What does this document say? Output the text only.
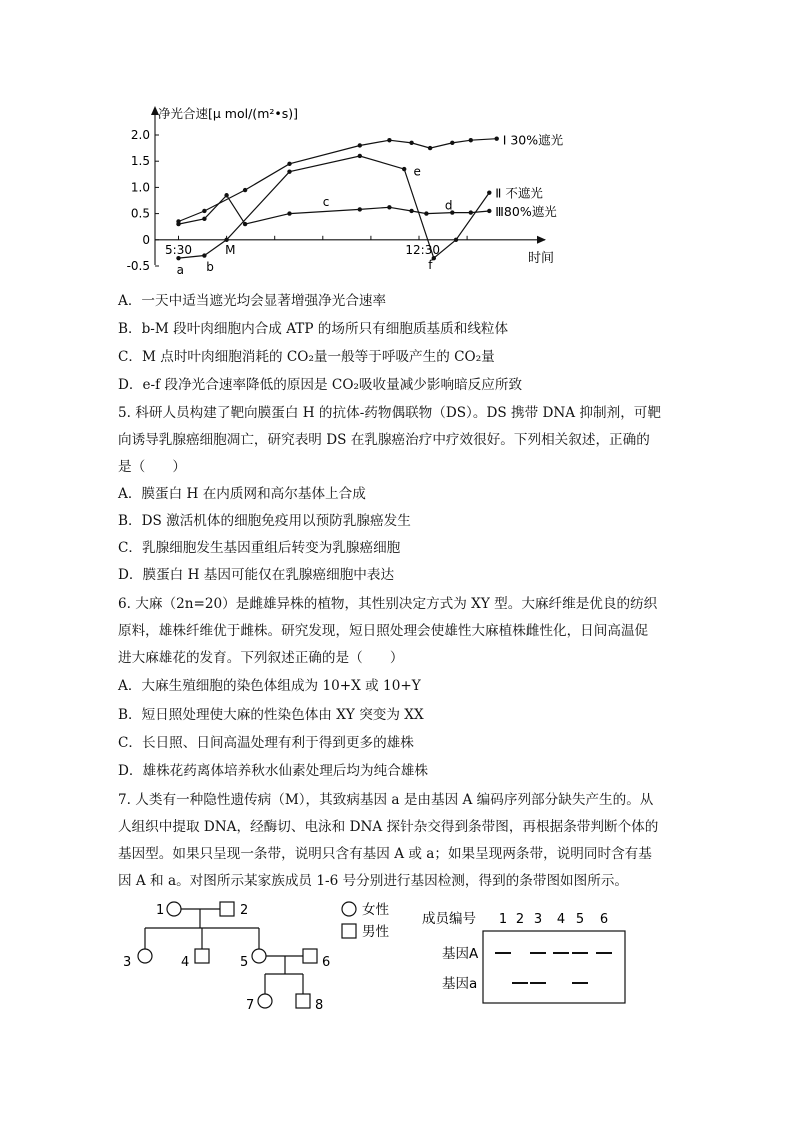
净光合速[μ mol/(m²•s)]
2.0
1.5
1.0
0.5
0
-0.5
5:30	M	12:30
时间
Ⅰ 30%遮光
Ⅱ 不遮光
Ⅲ80%遮光
a b
c	d
e
f
A．一天中适当遮光均会显著增强净光合速率
B．b-M 段叶肉细胞内合成 ATP 的场所只有细胞质基质和线粒体
C．M 点时叶肉细胞消耗的 CO₂量一般等于呼吸产生的 CO₂量
D．e-f 段净光合速率降低的原因是 CO₂吸收量减少影响暗反应所致
5. 科研人员构建了靶向膜蛋白 H 的抗体-药物偶联物（DS）。DS 携带 DNA 抑制剂，可靶
向诱导乳腺癌细胞凋亡，研究表明 DS 在乳腺癌治疗中疗效很好。下列相关叙述，正确的
是（　　）
A．膜蛋白 H 在内质网和高尔基体上合成
B．DS 激活机体的细胞免疫用以预防乳腺癌发生
C．乳腺细胞发生基因重组后转变为乳腺癌细胞
D．膜蛋白 H 基因可能仅在乳腺癌细胞中表达
6. 大麻（2n=20）是雌雄异株的植物，其性别决定方式为 XY 型。大麻纤维是优良的纺织
原料，雄株纤维优于雌株。研究发现，短日照处理会使雄性大麻植株雌性化，日间高温促
进大麻雄花的发育。下列叙述正确的是（　　）
A．大麻生殖细胞的染色体组成为 10+X 或 10+Y
B．短日照处理使大麻的性染色体由 XY 突变为 XX
C．长日照、日间高温处理有利于得到更多的雄株
D．雄株花药离体培养秋水仙素处理后均为纯合雄株
7. 人类有一种隐性遗传病（M），其致病基因 a 是由基因 A 编码序列部分缺失产生的。从
人组织中提取 DNA，经酶切、电泳和 DNA 探针杂交得到条带图，再根据条带判断个体的
基因型。如果只呈现一条带，说明只含有基因 A 或 a；如果呈现两条带，说明同时含有基
因 A 和 a。对图所示某家族成员 1-6 号分别进行基因检测，得到的条带图如图所示。
1	2
3	4	5	6
7	8
女性
男性
成员编号 1 2 3 4 5 6
基因A
基因a
